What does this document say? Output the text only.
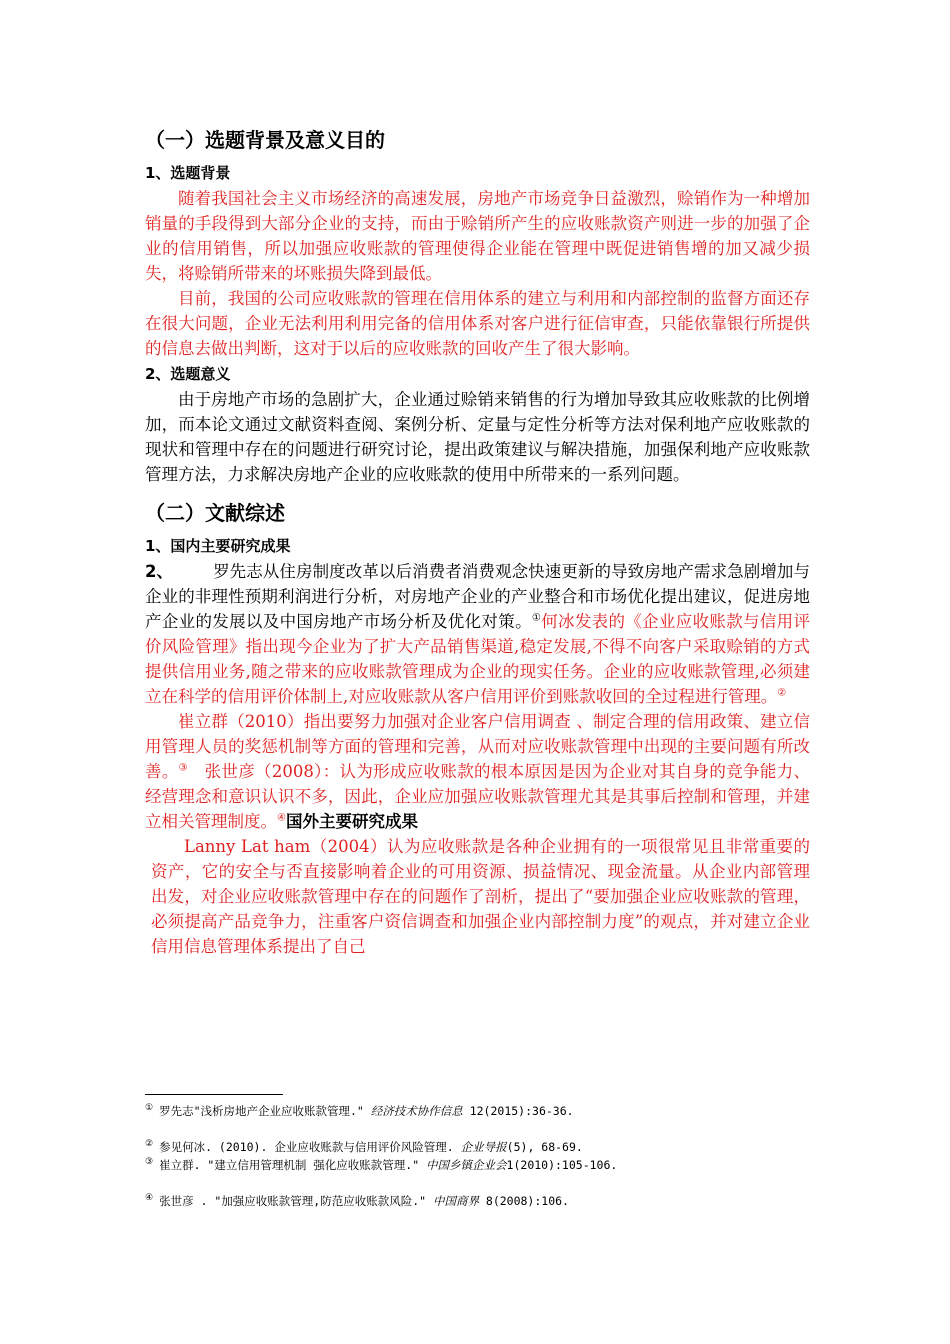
（一）选题背景及意义目的
1、选题背景

随着我国社会主义市场经济的高速发展，房地产市场竞争日益激烈，赊销作为一种增加销量的手段得到大部分企业的支持，而由于赊销所产生的应收账款资产则进一步的加强了企业的信用销售，所以加强应收账款的管理使得企业能在管理中既促进销售增的加又减少损失，将赊销所带来的坏账损失降到最低。

目前，我国的公司应收账款的管理在信用体系的建立与利用和内部控制的监督方面还存在很大问题，企业无法利用利用完备的信用体系对客户进行征信审查，只能依靠银行所提供的信息去做出判断，这对于以后的应收账款的回收产生了很大影响。

2、选题意义

由于房地产市场的急剧扩大，企业通过赊销来销售的行为增加导致其应收账款的比例增加，而本论文通过文献资料查阅、案例分析、定量与定性分析等方法对保利地产应收账款的现状和管理中存在的问题进行研究讨论，提出政策建议与解决措施，加强保利地产应收账款管理方法，力求解决房地产企业的应收账款的使用中所带来的一系列问题。

（二）文献综述
1、国内主要研究成果

2、 罗先志从住房制度改革以后消费者消费观念快速更新的导致房地产需求急剧增加与企业的非理性预期利润进行分析，对房地产企业的产业整合和市场优化提出建议，促进房地产企业的发展以及中国房地产市场分析及优化对策。①何冰发表的《企业应收账款与信用评价风险管理》指出现今企业为了扩大产品销售渠道,稳定发展,不得不向客户采取赊销的方式提供信用业务,随之带来的应收账款管理成为企业的现实任务。企业的应收账款管理,必须建立在科学的信用评价体制上,对应收账款从客户信用评价到账款收回的全过程进行管理。②

崔立群（2010）指出要努力加强对企业客户信用调查 、制定合理的信用政策、建立信用管理人员的奖惩机制等方面的管理和完善，从而对应收账款管理中出现的主要问题有所改善。③ 张世彦（2008）：认为形成应收账款的根本原因是因为企业对其自身的竞争能力、经营理念和意识认识不多，因此，企业应加强应收账款管理尤其是其事后控制和管理，并建立相关管理制度。④国外主要研究成果

Lanny Lat ham（2004）认为应收账款是各种企业拥有的一项很常见且非常重要的资产，它的安全与否直接影响着企业的可用资源、损益情况、现金流量。从企业内部管理出发，对企业应收账款管理中存在的问题作了剖析，提出了“要加强企业应收账款的管理，必须提高产品竞争力，注重客户资信调查和加强企业内部控制力度”的观点，并对建立企业信用信息管理体系提出了自己

① 罗先志"浅析房地产企业应收账款管理." 经济技术协作信息 12(2015):36-36.

② 参见何冰. (2010). 企业应收账款与信用评价风险管理. 企业导报(5), 68-69.

③ 崔立群. "建立信用管理机制 强化应收账款管理." 中国乡镇企业会1(2010):105-106.

④ 张世彦 . "加强应收账款管理,防范应收账款风险." 中国商界 8(2008):106.
